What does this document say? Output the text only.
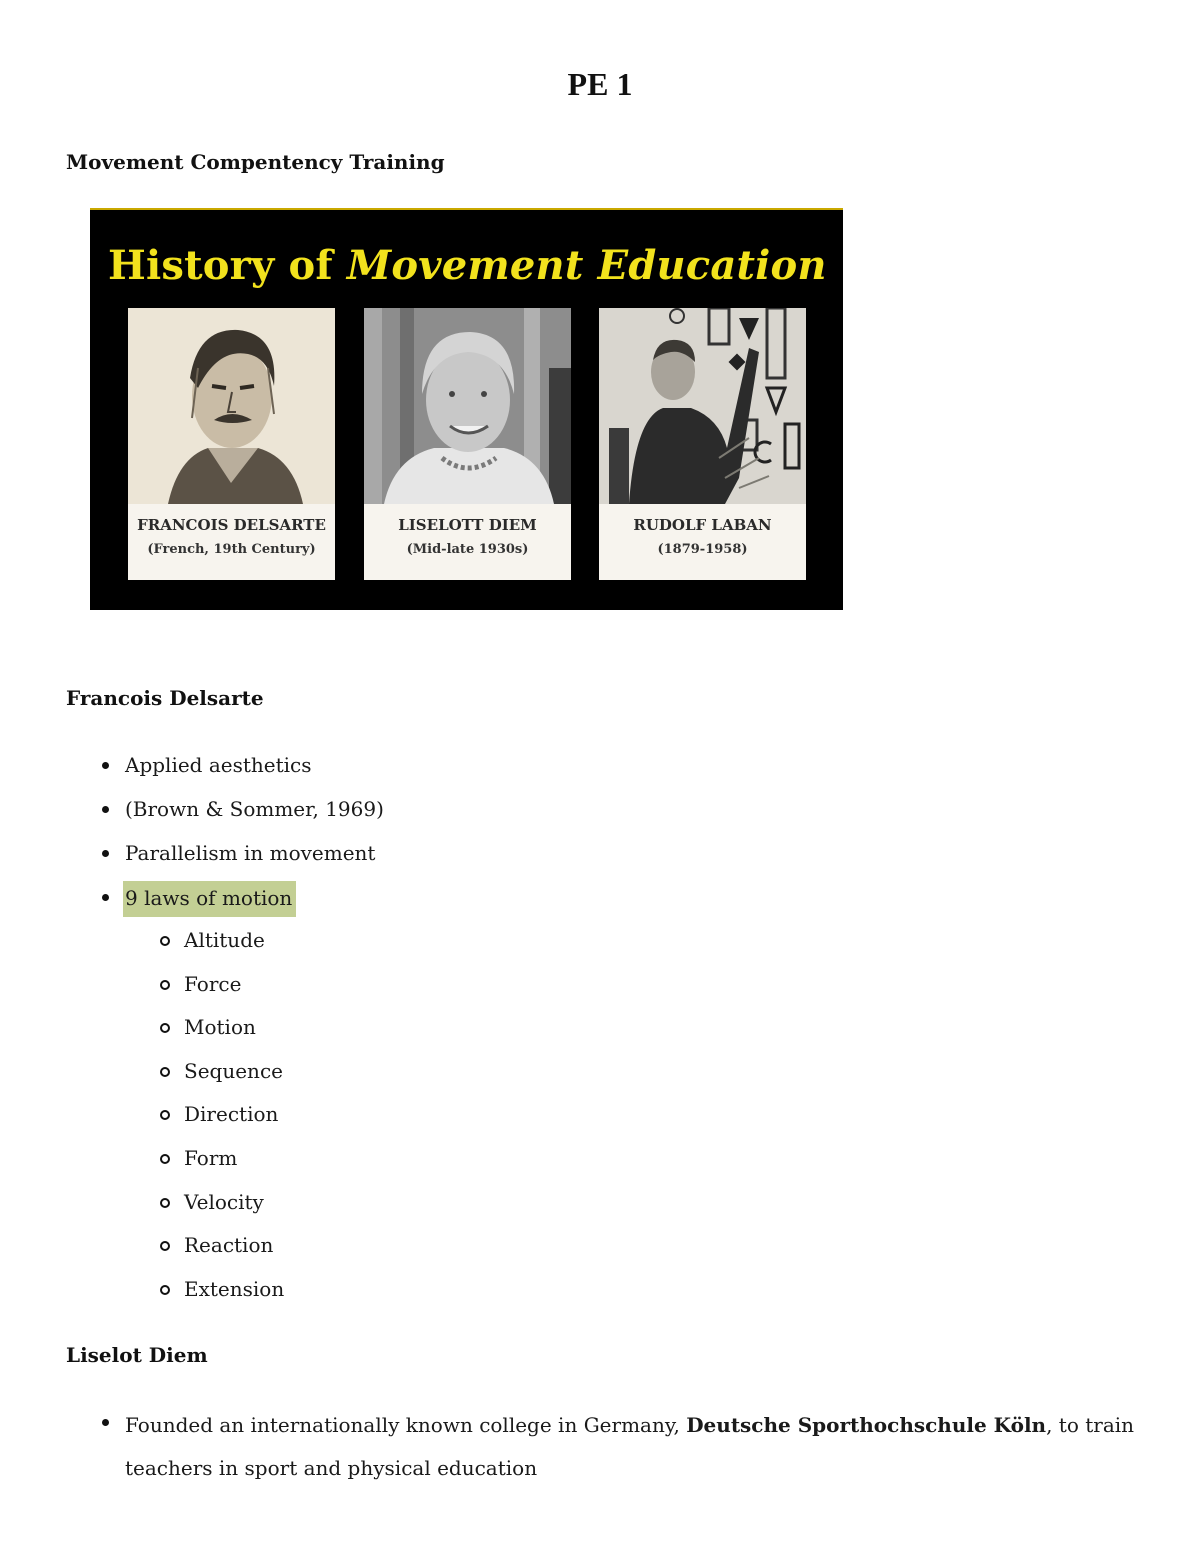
PE 1
Movement Compentency Training
History of Movement Education
FRANCOIS DELSARTE
(French, 19th Century)
LISELOTT DIEM
(Mid-late 1930s)
RUDOLF LABAN
(1879-1958)
Francois Delsarte
Applied aesthetics
(Brown & Sommer, 1969)
Parallelism in movement
9 laws of motion
Altitude
Force
Motion
Sequence
Direction
Form
Velocity
Reaction
Extension
Liselot Diem

Founded an internationally known college in Germany, Deutsche Sporthochschule Köln, to train teachers in sport and physical education
